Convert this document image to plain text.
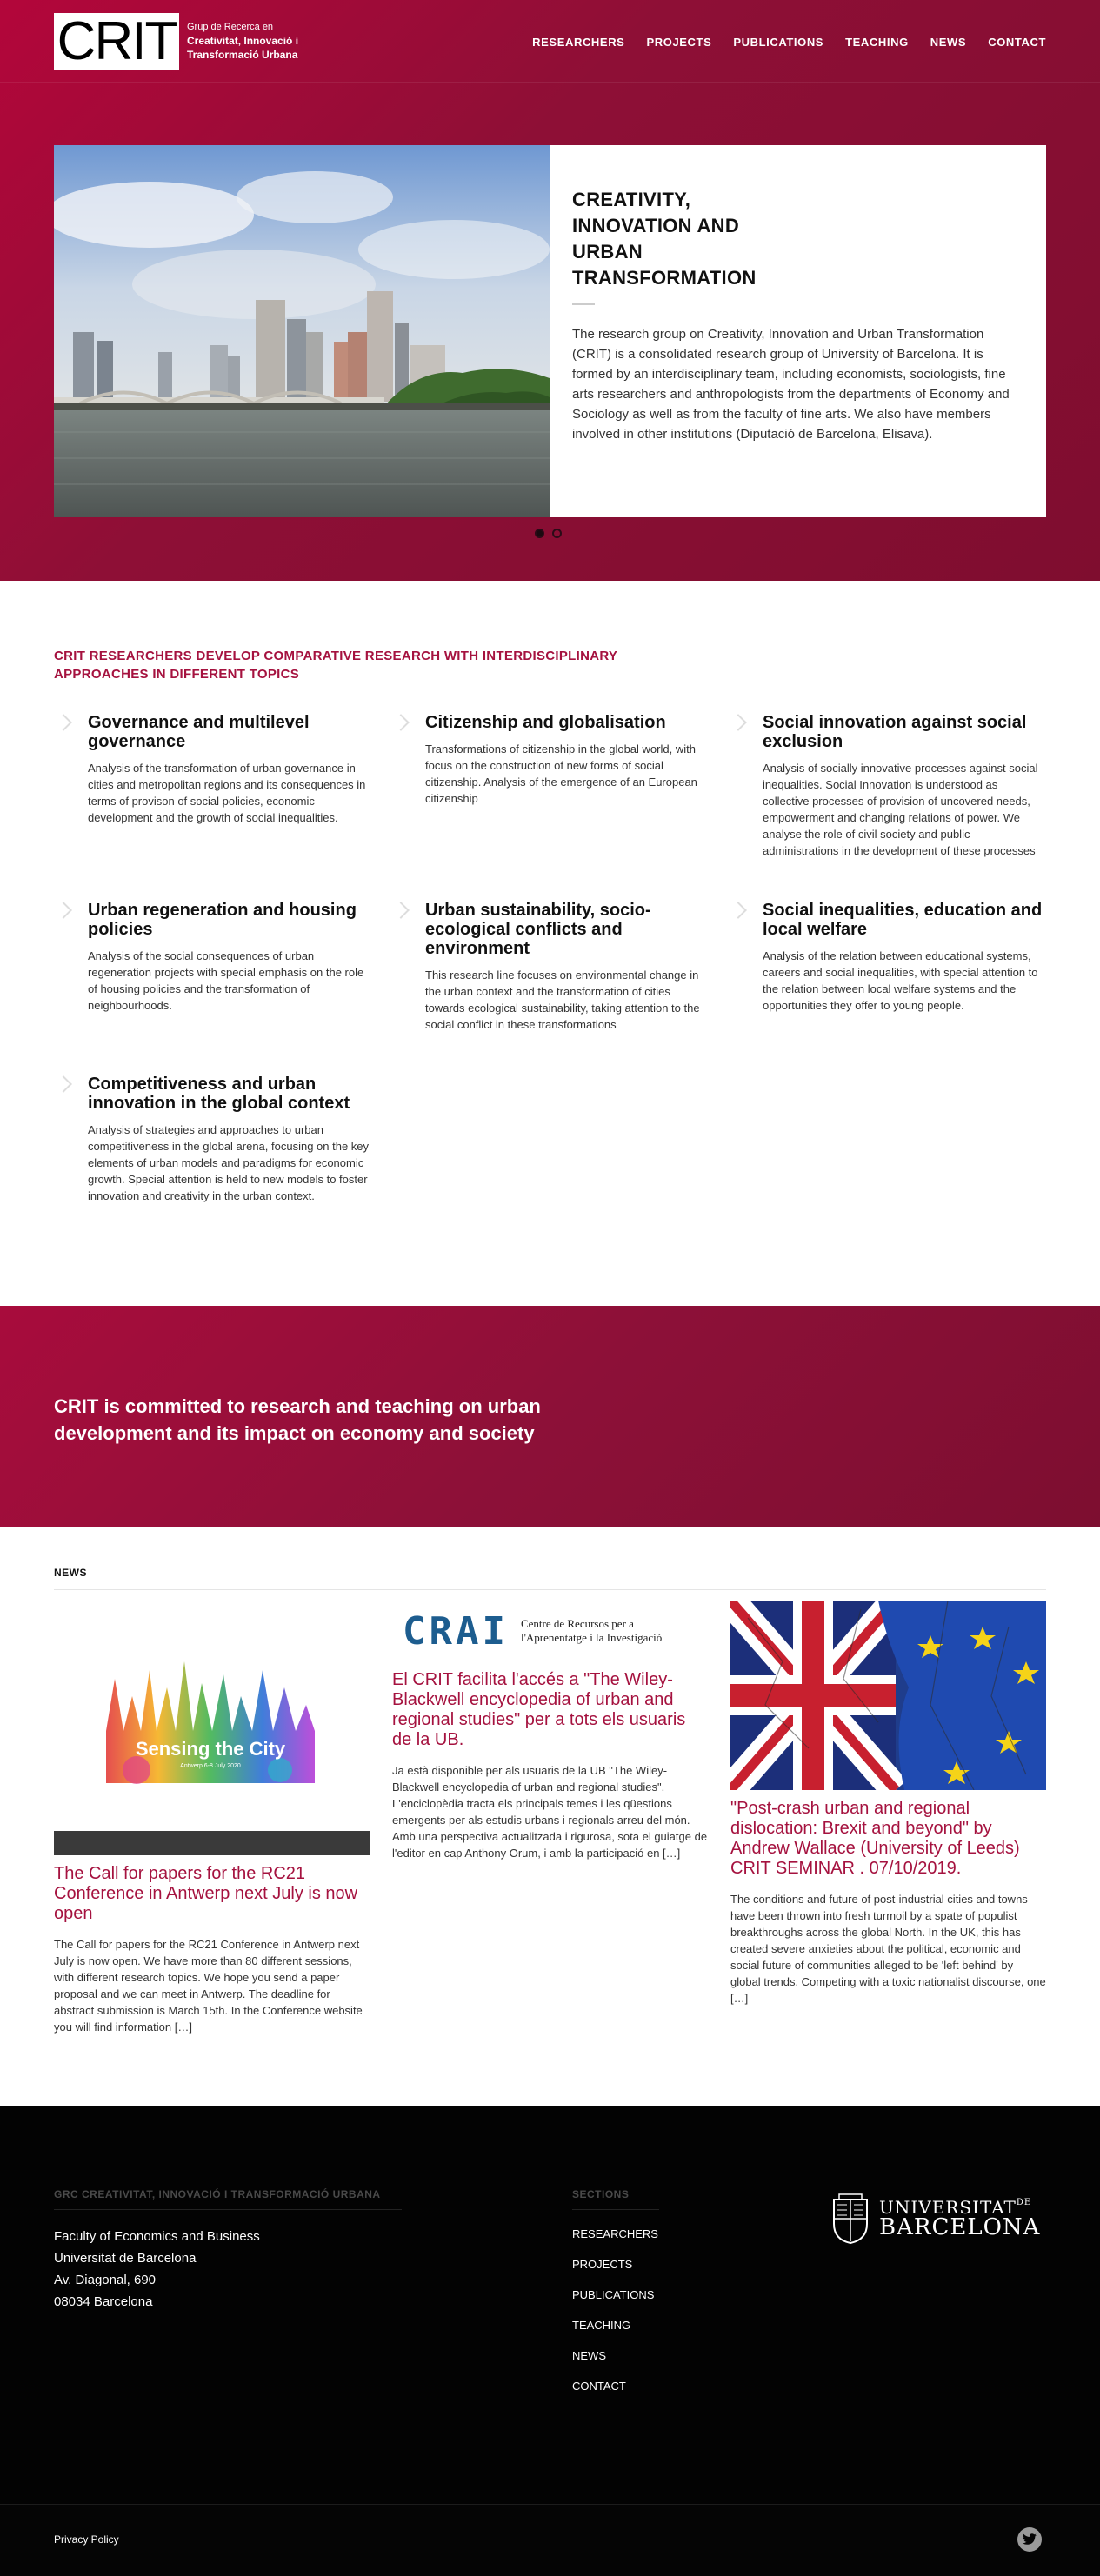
CRIT Grup de Recerca en
Creativitat, Innovació i
Transformació Urbana
RESEARCHERS PROJECTS PUBLICATIONS TEACHING NEWS CONTACT
CREATIVITY, INNOVATION AND URBAN TRANSFORMATION

The research group on Creativity, Innovation and Urban Transformation (CRIT) is a consolidated research group of University of Barcelona. It is formed by an interdisciplinary team, including economists, sociologists, fine arts researchers and anthropologists from the departments of Economy and Sociology as well as from the faculty of fine arts. We also have members involved in other institutions (Diputació de Barcelona, Elisava).

CRIT RESEARCHERS DEVELOP COMPARATIVE RESEARCH WITH INTERDISCIPLINARY APPROACHES IN DIFFERENT TOPICS
Governance and multilevel governance

Analysis of the transformation of urban governance in cities and metropolitan regions and its consequences in terms of provison of social policies, economic development and the growth of social inequalities.

Citizenship and globalisation

Transformations of citizenship in the global world, with focus on the construction of new forms of social citizenship. Analysis of the emergence of an European citizenship

Social innovation against social exclusion

Analysis of socially innovative processes against social inequalities. Social Innovation is understood as collective processes of provision of uncovered needs, empowerment and changing relations of power. We analyse the role of civil society and public administrations in the development of these processes

Urban regeneration and housing policies

Analysis of the social consequences of urban regeneration projects with special emphasis on the role of housing policies and the transformation of neighbourhoods.

Urban sustainability, socio-ecological conflicts and environment

This research line focuses on environmental change in the urban context and the transformation of cities towards ecological sustainability, taking attention to the social conflict in these transformations

Social inequalities, education and local welfare

Analysis of the relation between educational systems, careers and social inequalities, with special attention to the relation between local welfare systems and the opportunities they offer to young people.

Competitiveness and urban innovation in the global context

Analysis of strategies and approaches to urban competitiveness in the global arena, focusing on the key elements of urban models and paradigms for economic growth. Special attention is held to new models to foster innovation and creativity in the urban context.

CRIT is committed to research and teaching on urban development and its impact on economy and society

NEWS
Sensing the City
Antwerp 6-8 July 2020
The Call for papers for the RC21 Conference in Antwerp next July is now open

The Call for papers for the RC21 Conference in Antwerp next July is now open. We have more than 80 different sessions, with different research topics. We hope you send a paper proposal and we can meet in Antwerp. The deadline for abstract submission is March 15th. In the Conference website you will find information […]

CRAI Centre de Recursos per a
l'Aprenentatge i la Investigació
El CRIT facilita l'accés a "The Wiley-Blackwell encyclopedia of urban and regional studies" per a tots els usuaris de la UB.

Ja està disponible per als usuaris de la UB "The Wiley-Blackwell encyclopedia of urban and regional studies". L'enciclopèdia tracta els principals temes i les qüestions emergents per als estudis urbans i regionals arreu del món. Amb una perspectiva actualitzada i rigurosa, sota el guiatge de l'editor en cap Anthony Orum, i amb la participació en […]

"Post-crash urban and regional dislocation: Brexit and beyond" by Andrew Wallace (University of Leeds) CRIT SEMINAR . 07/10/2019.

The conditions and future of post-industrial cities and towns have been thrown into fresh turmoil by a spate of populist breakthroughs across the global North. In the UK, this has created severe anxieties about the political, economic and social future of communities alleged to be 'left behind' by global trends. Competing with a toxic nationalist discourse, one […]

GRC CREATIVITAT, INNOVACIÓ I TRANSFORMACIÓ URBANA
Faculty of Economics and Business
Universitat de Barcelona
Av. Diagonal, 690
08034 Barcelona
SECTIONS
RESEARCHERS
PROJECTS
PUBLICATIONS
TEACHING
NEWS
CONTACT
$UNIVERSITAT^{DE}$
BARCELONA
Privacy Policy
